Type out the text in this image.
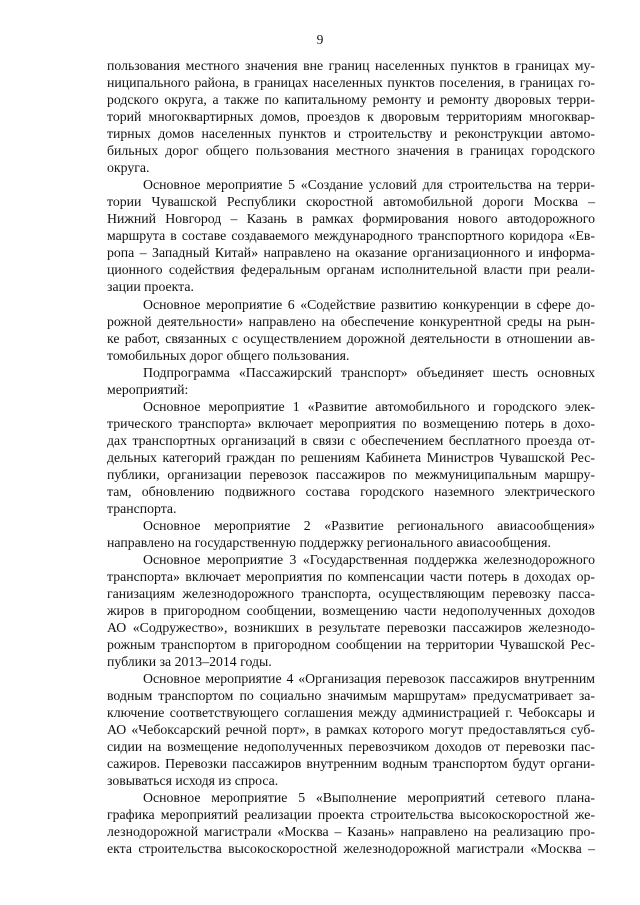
9
пользования местного значения вне границ населенных пунктов в границах му-
ниципального района, в границах населенных пунктов поселения, в границах го-
родского округа, а также по капитальному ремонту и ремонту дворовых терри-
торий многоквартирных домов, проездов к дворовым территориям многоквар-
тирных домов населенных пунктов и строительству и реконструкции автомо-
бильных дорог общего пользования местного значения в границах городского
округа.
Основное мероприятие 5 «Создание условий для строительства на терри-
тории Чувашской Республики скоростной автомобильной дороги Москва –
Нижний Новгород – Казань в рамках формирования нового автодорожного
маршрута в составе создаваемого международного транспортного коридора «Ев-
ропа – Западный Китай» направлено на оказание организационного и информа-
ционного содействия федеральным органам исполнительной власти при реали-
зации проекта.
Основное мероприятие 6 «Содействие развитию конкуренции в сфере до-
рожной деятельности» направлено на обеспечение конкурентной среды на рын-
ке работ, связанных с осуществлением дорожной деятельности в отношении ав-
томобильных дорог общего пользования.
Подпрограмма «Пассажирский транспорт» объединяет шесть основных
мероприятий:
Основное мероприятие 1 «Развитие автомобильного и городского элек-
трического транспорта» включает мероприятия по возмещению потерь в дохо-
дах транспортных организаций в связи с обеспечением бесплатного проезда от-
дельных категорий граждан по решениям Кабинета Министров Чувашской Рес-
публики, организации перевозок пассажиров по межмуниципальным маршру-
там, обновлению подвижного состава городского наземного электрического
транспорта.
Основное мероприятие 2 «Развитие регионального авиасообщения»
направлено на государственную поддержку регионального авиасообщения.
Основное мероприятие 3 «Государственная поддержка железнодорожного
транспорта» включает мероприятия по компенсации части потерь в доходах ор-
ганизациям железнодорожного транспорта, осуществляющим перевозку пасса-
жиров в пригородном сообщении, возмещению части недополученных доходов
АО «Содружество», возникших в результате перевозки пассажиров железнодо-
рожным транспортом в пригородном сообщении на территории Чувашской Рес-
публики за 2013–2014 годы.
Основное мероприятие 4 «Организация перевозок пассажиров внутренним
водным транспортом по социально значимым маршрутам» предусматривает за-
ключение соответствующего соглашения между администрацией г. Чебоксары и
АО «Чебоксарский речной порт», в рамках которого могут предоставляться суб-
сидии на возмещение недополученных перевозчиком доходов от перевозки пас-
сажиров. Перевозки пассажиров внутренним водным транспортом будут органи-
зовываться исходя из спроса.
Основное мероприятие 5 «Выполнение мероприятий сетевого плана-
графика мероприятий реализации проекта строительства высокоскоростной же-
лезнодорожной магистрали «Москва – Казань» направлено на реализацию про-
екта строительства высокоскоростной железнодорожной магистрали «Москва –
